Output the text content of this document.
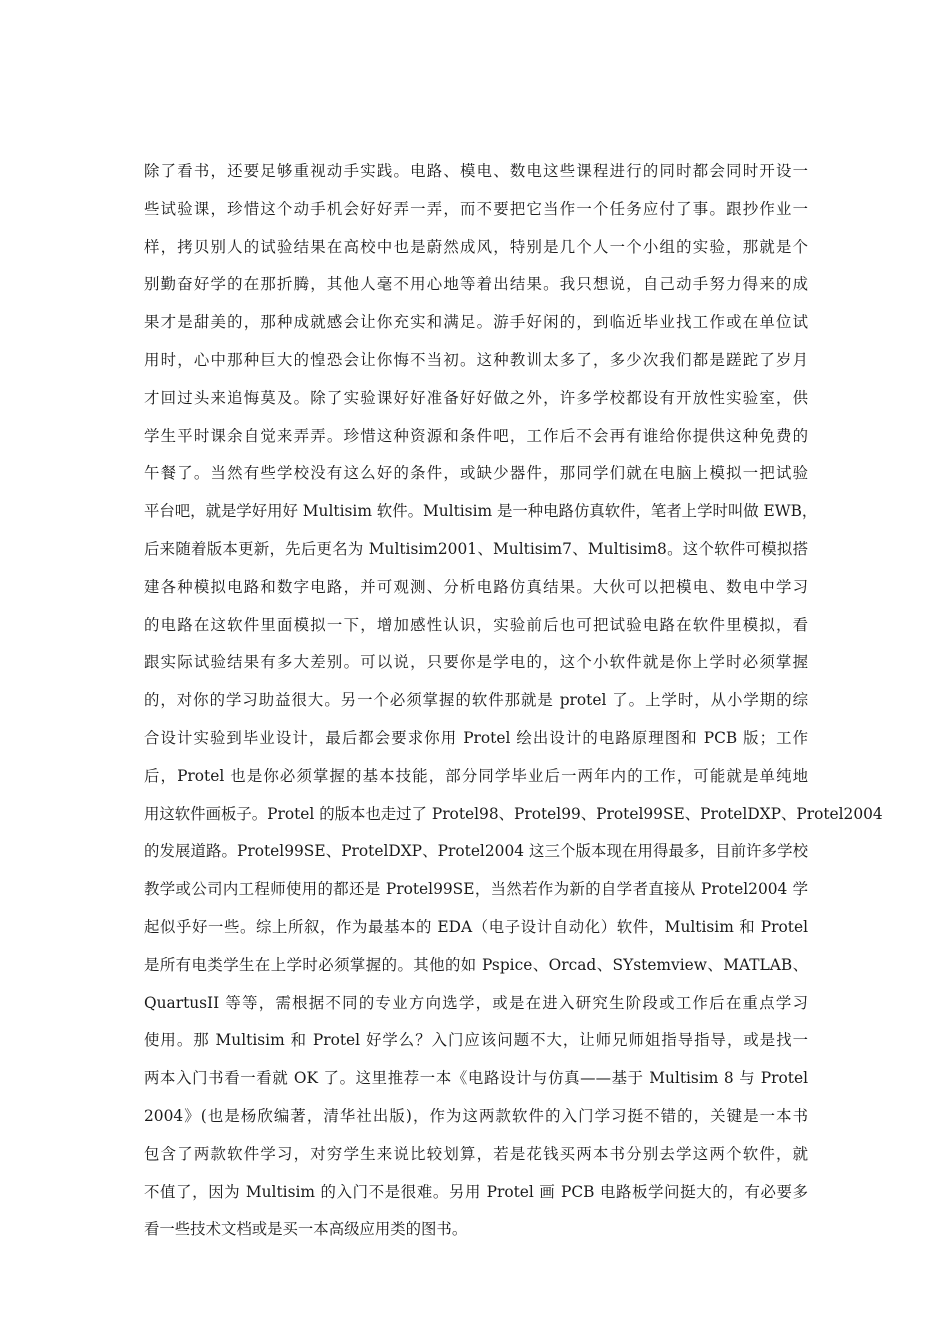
除了看书，还要足够重视动手实践。电路、模电、数电这些课程进行的同时都会同时开设一
些试验课，珍惜这个动手机会好好弄一弄，而不要把它当作一个任务应付了事。跟抄作业一
样，拷贝别人的试验结果在高校中也是蔚然成风，特别是几个人一个小组的实验，那就是个
别勤奋好学的在那折腾，其他人毫不用心地等着出结果。我只想说，自己动手努力得来的成
果才是甜美的，那种成就感会让你充实和满足。游手好闲的，到临近毕业找工作或在单位试
用时，心中那种巨大的惶恐会让你悔不当初。这种教训太多了，多少次我们都是蹉跎了岁月
才回过头来追悔莫及。除了实验课好好准备好好做之外，许多学校都设有开放性实验室，供
学生平时课余自觉来弄弄。珍惜这种资源和条件吧，工作后不会再有谁给你提供这种免费的
午餐了。当然有些学校没有这么好的条件，或缺少器件，那同学们就在电脑上模拟一把试验
平台吧，就是学好用好 Multisim 软件。Multisim 是一种电路仿真软件，笔者上学时叫做 EWB，
后来随着版本更新，先后更名为 Multisim2001、Multisim7、Multisim8。这个软件可模拟搭
建各种模拟电路和数字电路，并可观测、分析电路仿真结果。大伙可以把模电、数电中学习
的电路在这软件里面模拟一下，增加感性认识，实验前后也可把试验电路在软件里模拟，看
跟实际试验结果有多大差别。可以说，只要你是学电的，这个小软件就是你上学时必须掌握
的，对你的学习助益很大。另一个必须掌握的软件那就是 protel 了。上学时，从小学期的综
合设计实验到毕业设计，最后都会要求你用 Protel 绘出设计的电路原理图和 PCB 版；工作
后，Protel 也是你必须掌握的基本技能，部分同学毕业后一两年内的工作，可能就是单纯地
用这软件画板子。Protel 的版本也走过了 Protel98、Protel99、Protel99SE、ProtelDXP、Protel2004
的发展道路。Protel99SE、ProtelDXP、Protel2004 这三个版本现在用得最多，目前许多学校
教学或公司内工程师使用的都还是 Protel99SE，当然若作为新的自学者直接从 Protel2004 学
起似乎好一些。综上所叙，作为最基本的 EDA（电子设计自动化）软件，Multisim 和 Protel
是所有电类学生在上学时必须掌握的。其他的如 Pspice、Orcad、SYstemview、MATLAB、
QuartusII 等等，需根据不同的专业方向选学，或是在进入研究生阶段或工作后在重点学习
使用。那 Multisim 和 Protel 好学么？入门应该问题不大，让师兄师姐指导指导，或是找一
两本入门书看一看就 OK 了。这里推荐一本《电路设计与仿真——基于 Multisim 8 与 Protel
2004》(也是杨欣编著，清华社出版)，作为这两款软件的入门学习挺不错的，关键是一本书
包含了两款软件学习，对穷学生来说比较划算，若是花钱买两本书分别去学这两个软件，就
不值了，因为 Multisim 的入门不是很难。另用 Protel 画 PCB 电路板学问挺大的，有必要多
看一些技术文档或是买一本高级应用类的图书。
